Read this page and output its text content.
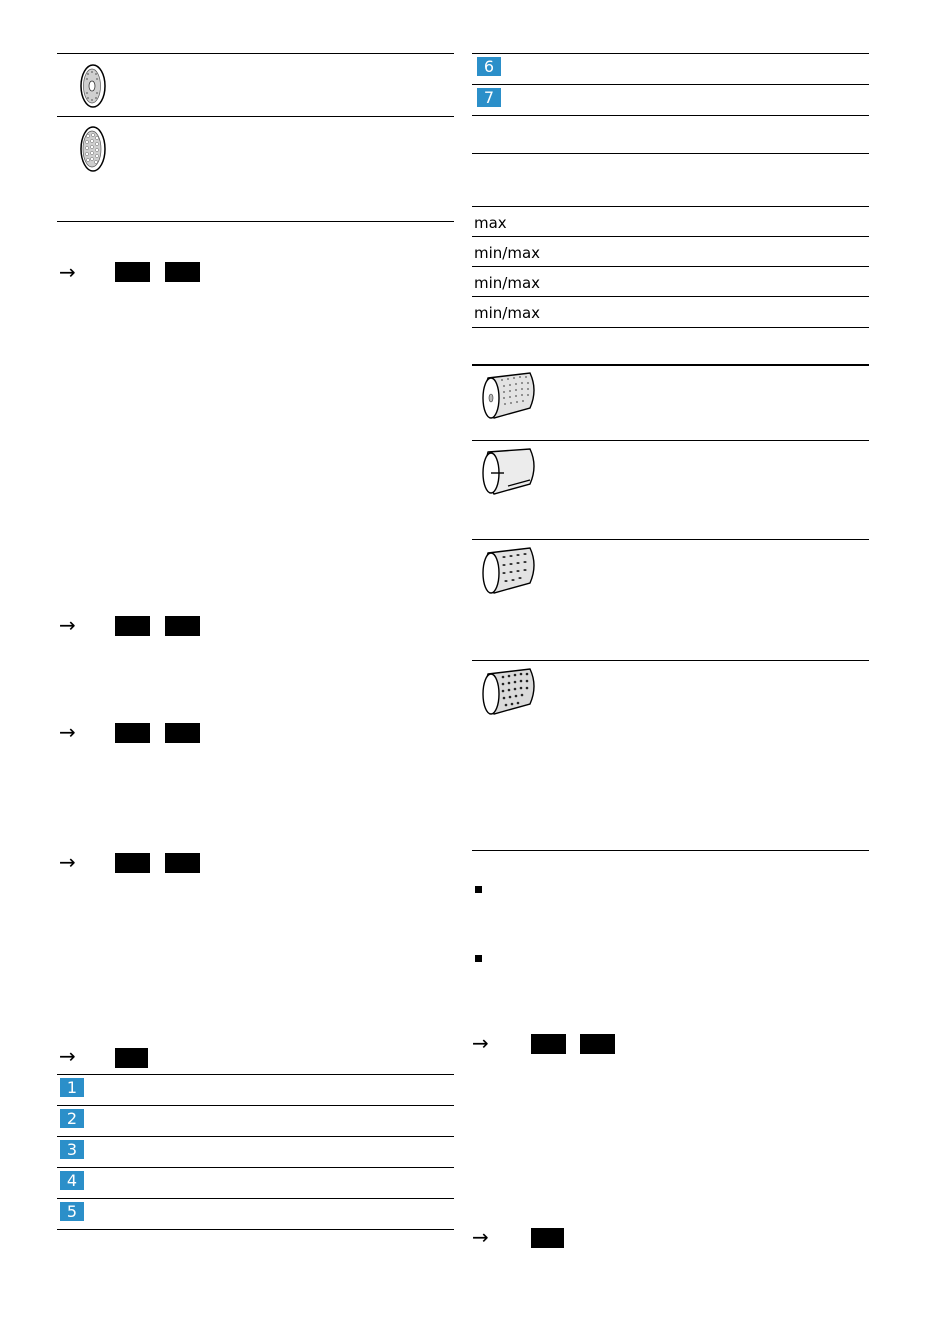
→
→
→
→
→
1
2
3
4
5
6
7
max
min/max
min/max
min/max
→
→
